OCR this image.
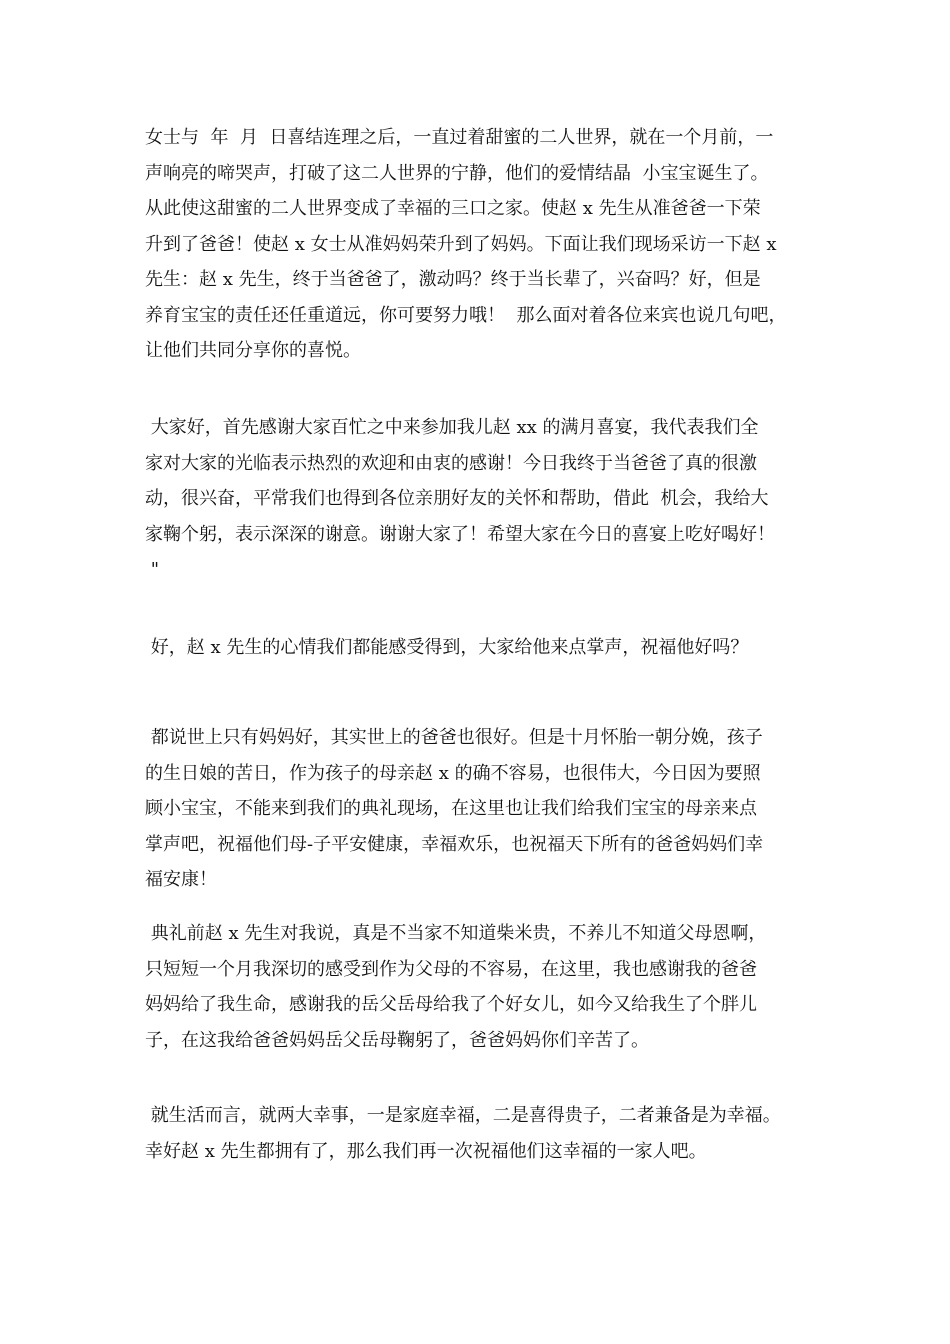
女士与  年  月  日喜结连理之后，一直过着甜蜜的二人世界，就在一个月前，一
声响亮的啼哭声，打破了这二人世界的宁静，他们的爱情结晶  小宝宝诞生了。
从此使这甜蜜的二人世界变成了幸福的三口之家。使赵 x 先生从准爸爸一下荣
升到了爸爸！使赵 x 女士从准妈妈荣升到了妈妈。下面让我们现场采访一下赵 x
先生：赵 x 先生，终于当爸爸了，激动吗？终于当长辈了，兴奋吗？好，但是
养育宝宝的责任还任重道远，你可要努力哦！  那么面对着各位来宾也说几句吧，
让他们共同分享你的喜悦。

大家好，首先感谢大家百忙之中来参加我儿赵 xx 的满月喜宴，我代表我们全
家对大家的光临表示热烈的欢迎和由衷的感谢！今日我终于当爸爸了真的很激
动，很兴奋，平常我们也得到各位亲朋好友的关怀和帮助，借此  机会，我给大
家鞠个躬，表示深深的谢意。谢谢大家了！希望大家在今日的喜宴上吃好喝好！
"

好，赵 x 先生的心情我们都能感受得到，大家给他来点掌声，祝福他好吗？

都说世上只有妈妈好，其实世上的爸爸也很好。但是十月怀胎一朝分娩，孩子
的生日娘的苦日，作为孩子的母亲赵 x 的确不容易，也很伟大，今日因为要照
顾小宝宝，不能来到我们的典礼现场，在这里也让我们给我们宝宝的母亲来点
掌声吧，祝福他们母-子平安健康，幸福欢乐，也祝福天下所有的爸爸妈妈们幸
福安康！

典礼前赵 x 先生对我说，真是不当家不知道柴米贵，不养儿不知道父母恩啊，
只短短一个月我深切的感受到作为父母的不容易，在这里，我也感谢我的爸爸
妈妈给了我生命，感谢我的岳父岳母给我了个好女儿，如今又给我生了个胖儿
子，在这我给爸爸妈妈岳父岳母鞠躬了，爸爸妈妈你们辛苦了。

就生活而言，就两大幸事，一是家庭幸福，二是喜得贵子，二者兼备是为幸福。
幸好赵 x 先生都拥有了，那么我们再一次祝福他们这幸福的一家人吧。
